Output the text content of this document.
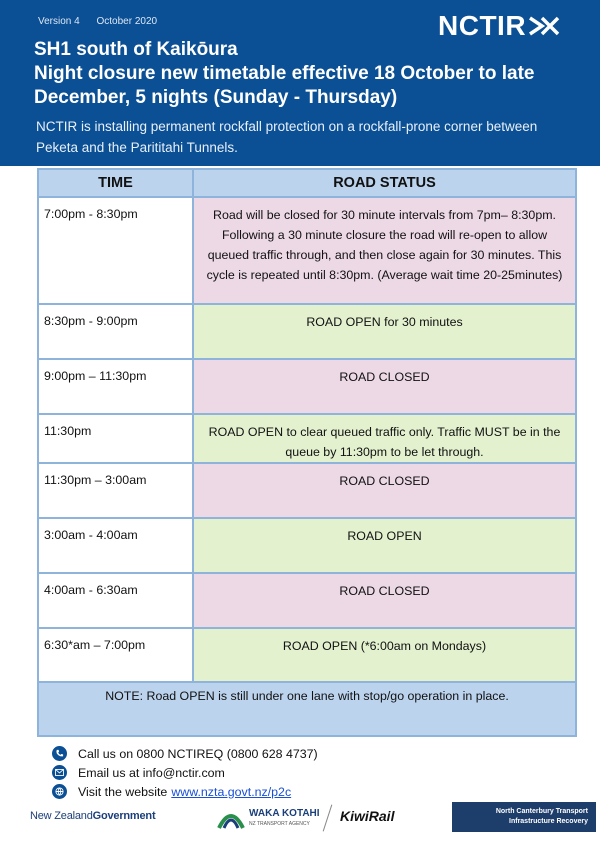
Version 4 October 2020	NCTIR
SH1 south of Kaikōura
Night closure new timetable effective 18 October to late December, 5 nights (Sunday - Thursday)
NCTIR is installing permanent rockfall protection on a rockfall-prone corner between Peketa and the Parititahi Tunnels.
TIME	ROAD STATUS
7:00pm - 8:30pm	Road will be closed for 30 minute intervals from 7pm– 8:30pm. Following a 30 minute closure the road will re-open to allow queued traffic through, and then close again for 30 minutes. This cycle is repeated until 8:30pm. (Average wait time 20-25minutes)
8:30pm - 9:00pm	ROAD OPEN for 30 minutes
9:00pm – 11:30pm	ROAD CLOSED
11:30pm	ROAD OPEN to clear queued traffic only. Traffic MUST be in the queue by 11:30pm to be let through.
11:30pm – 3:00am	ROAD CLOSED
3:00am - 4:00am	ROAD OPEN
4:00am - 6:30am	ROAD CLOSED
6:30*am – 7:00pm	ROAD OPEN (*6:00am on Mondays)
NOTE: Road OPEN is still under one lane with stop/go operation in place.	
Call us on 0800 NCTIREQ (0800 628 4737)
Email us at info@nctir.com
Visit the website www.nzta.govt.nz/p2c
New ZealandGovernment	WAKA KOTAHI
NZ TRANSPORT AGENCY	KiwiRail	North Canterbury Transport
Infrastructure Recovery
